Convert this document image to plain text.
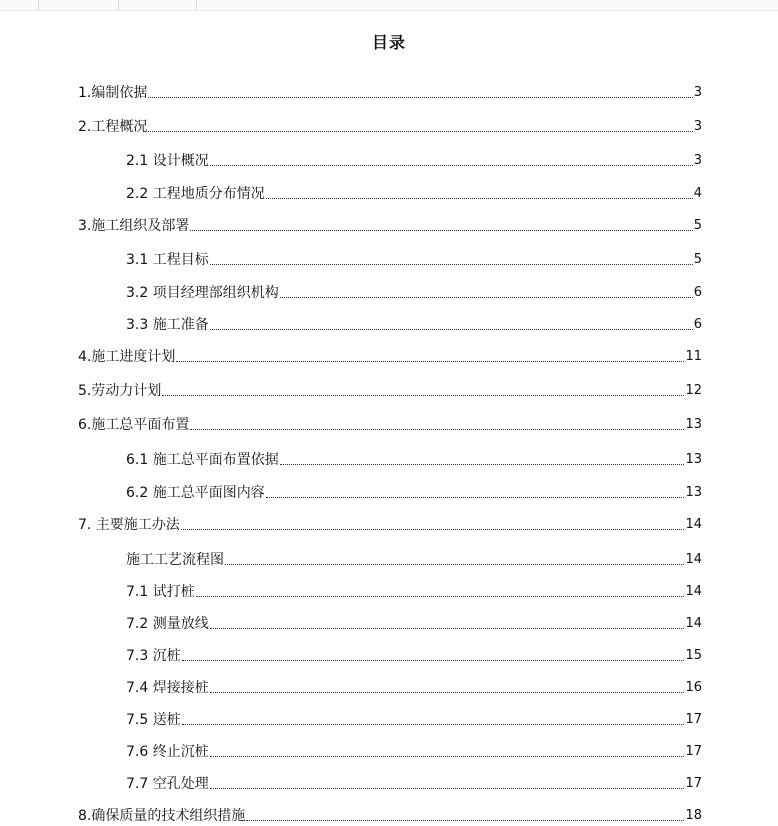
目录
1.编制依据	3
2.工程概况	3
2.1 设计概况	3
2.2 工程地质分布情况	4
3.施工组织及部署	5
3.1 工程目标	5
3.2 项目经理部组织机构	6
3.3 施工准备	6
4.施工进度计划	11
5.劳动力计划	12
6.施工总平面布置	13
6.1 施工总平面布置依据	13
6.2 施工总平面图内容	13
7. 主要施工办法	14
施工工艺流程图	14
7.1 试打桩	14
7.2 测量放线	14
7.3 沉桩	15
7.4 焊接接桩	16
7.5 送桩	17
7.6 终止沉桩	17
7.7 空孔处理	17
8.确保质量的技术组织措施	18
